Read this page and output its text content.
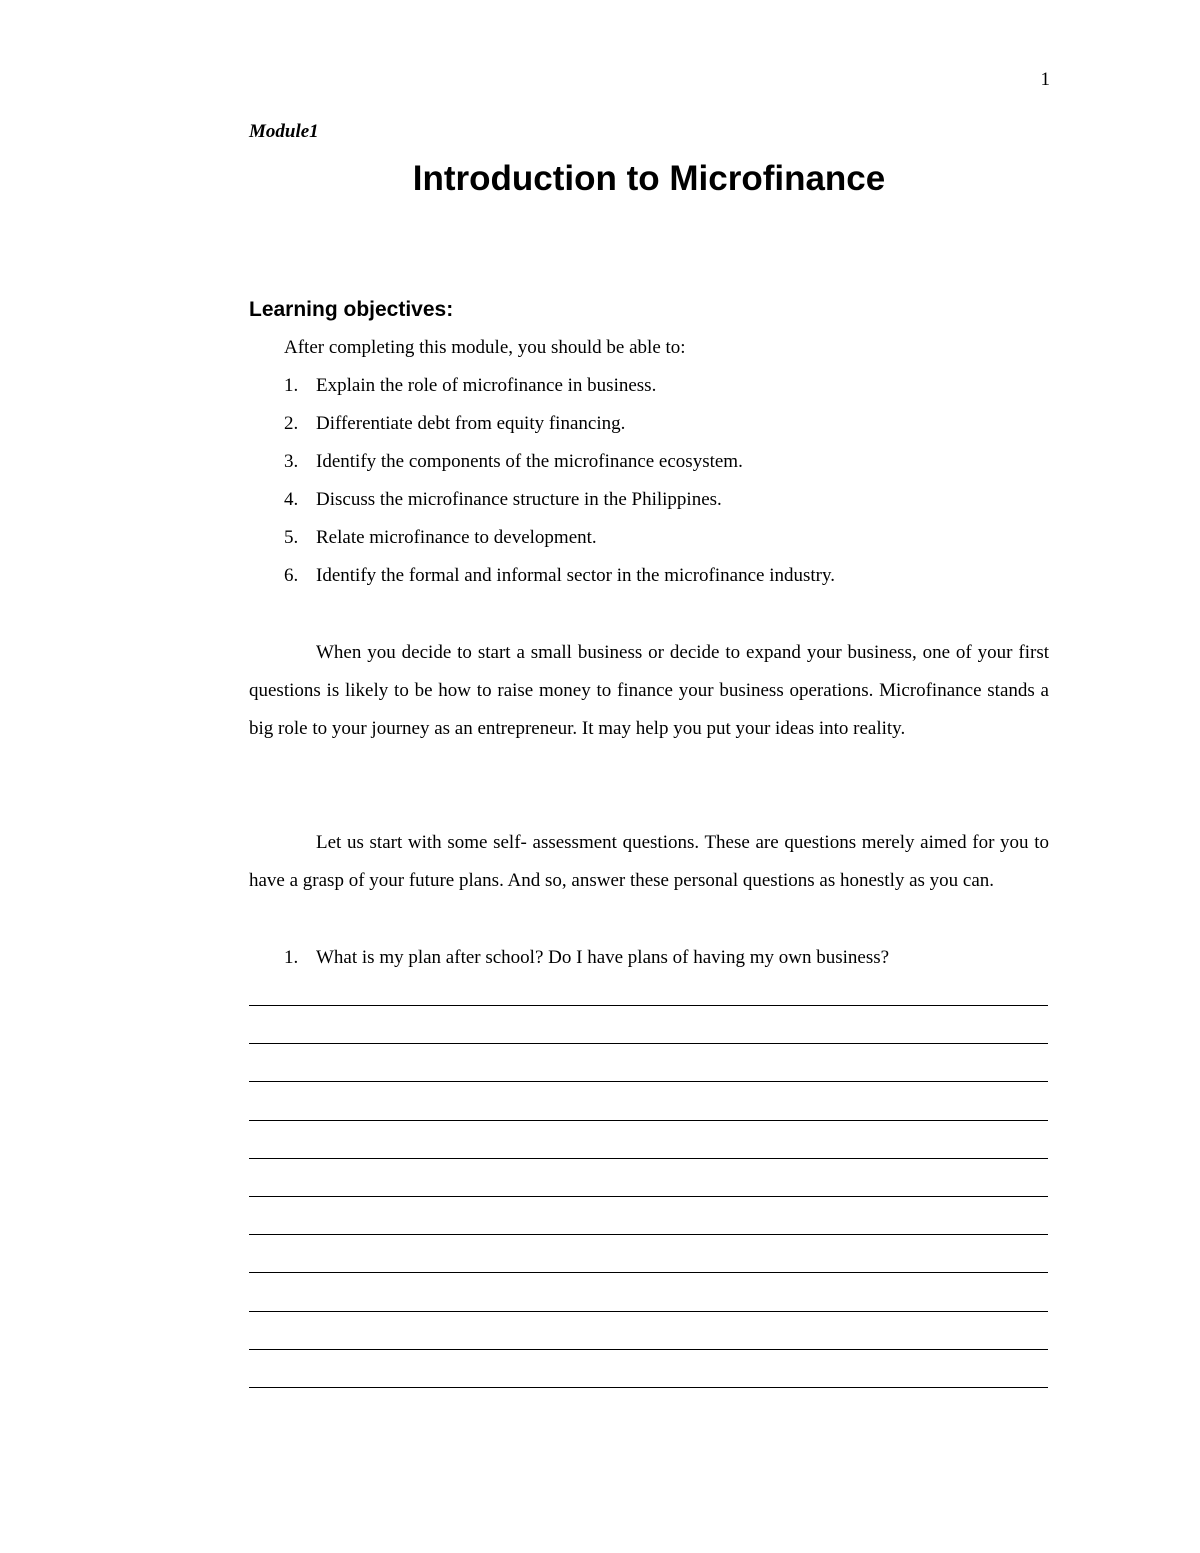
1
Module1
Introduction to Microfinance
Learning objectives:
After completing this module, you should be able to:
1. Explain the role of microfinance in business.
2. Differentiate debt from equity financing.
3. Identify the components of the microfinance ecosystem.
4. Discuss the microfinance structure in the Philippines.
5. Relate microfinance to development.
6. Identify the formal and informal sector in the microfinance industry.

When you decide to start a small business or decide to expand your business, one of your first questions is likely to be how to raise money to finance your business operations. Microfinance stands a big role to your journey as an entrepreneur. It may help you put your ideas into reality.

Let us start with some self- assessment questions. These are questions merely aimed for you to have a grasp of your future plans. And so, answer these personal questions as honestly as you can.

1. What is my plan after school? Do I have plans of having my own business?
